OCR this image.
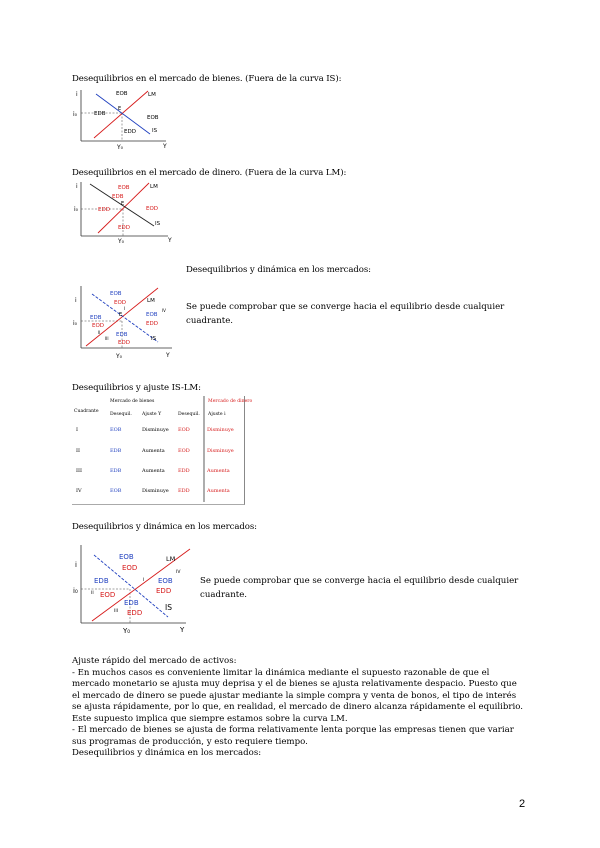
Desequilibrios en el mercado de bienes. (Fuera de la curva IS):
i
Y
i₀
Y₀
E
LM
IS
EDB
EOB
EOB
EDD
Desequilibrios en el mercado de dinero. (Fuera de la curva LM):
i
Y
i₀
Y₀
E
LM
IS
EOB
EDB
EOD
EDD
EDD
Desequilibrios y dinámica en los mercados:
i
Y
i₀
Y₀
E
LM
IS
EOB
EOD
EDB
EOD
EDB
EDD
EOB
EDD
I
II
III
IV Se puede comprobar que se converge hacia el equilibrio desde cualquier cuadrante.
Desequilibrios y ajuste IS-LM:
Mercado de bienes	Mercado de dinero
Cuadrante
Desequil. Ajuste Y	Desequil. Ajuste i
I	EOB	Disminuye EOD	Disminuye
II	EDB	Aumenta	EOD	Disminuye
III	EDB	Aumenta	EDD	Aumenta
IV	EOB	Disminuye EDD	Aumenta
Desequilibrios y dinámica en los mercados:
i
Y
i₀
Y₀
LM
IS
EOB
EOD
EDB
EOD
EDB
EDD
EOB
EDD
I
II
III
IV
Se puede comprobar que se converge hacia el equilibrio desde cualquier cuadrante.
Ajuste rápido del mercado de activos:
- En muchos casos es conveniente limitar la dinámica mediante el supuesto razonable de que el
mercado monetario se ajusta muy deprisa y el de bienes se ajusta relativamente despacio. Puesto que
el mercado de dinero se puede ajustar mediante la simple compra y venta de bonos, el tipo de interés
se ajusta rápidamente, por lo que, en realidad, el mercado de dinero alcanza rápidamente el equilibrio.
Este supuesto implica que siempre estamos sobre la curva LM.
- El mercado de bienes se ajusta de forma relativamente lenta porque las empresas tienen que variar
sus programas de producción, y esto requiere tiempo.
Desequilibrios y dinámica en los mercados:
2
